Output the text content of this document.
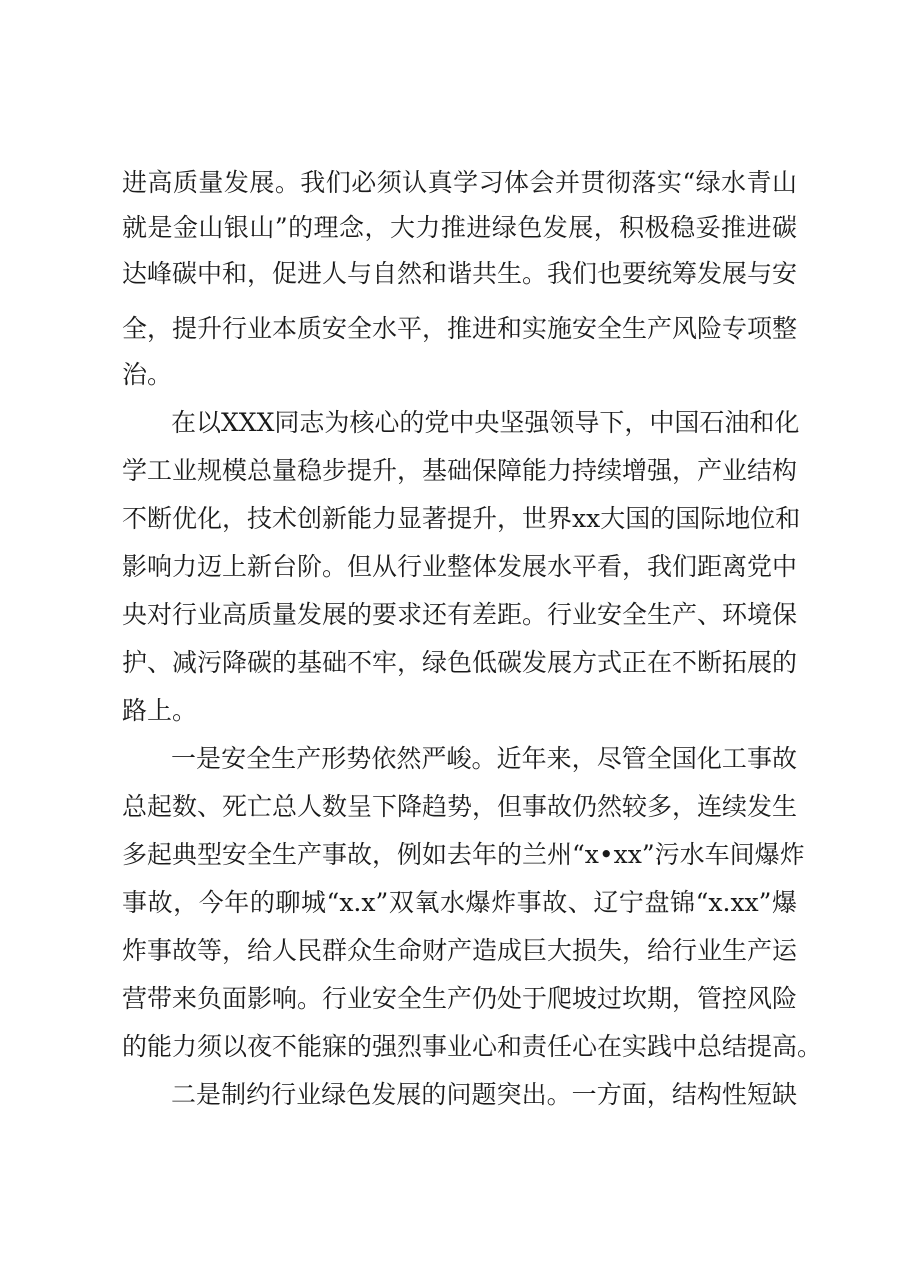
进高质量发展。我们必须认真学习体会并贯彻落实“绿水青山
就是金山银山”的理念，大力推进绿色发展，积极稳妥推进碳
达峰碳中和，促进人与自然和谐共生。我们也要统筹发展与安
全，提升行业本质安全水平，推进和实施安全生产风险专项整
治。
在以XXX同志为核心的党中央坚强领导下，中国石油和化
学工业规模总量稳步提升，基础保障能力持续增强，产业结构
不断优化，技术创新能力显著提升，世界xx大国的国际地位和
影响力迈上新台阶。但从行业整体发展水平看，我们距离党中
央对行业高质量发展的要求还有差距。行业安全生产、环境保
护、减污降碳的基础不牢，绿色低碳发展方式正在不断拓展的
路上。
一是安全生产形势依然严峻。近年来，尽管全国化工事故
总起数、死亡总人数呈下降趋势，但事故仍然较多，连续发生
多起典型安全生产事故，例如去年的兰州“x•xx”污水车间爆炸
事故，今年的聊城“x.x”双氧水爆炸事故、辽宁盘锦“x.xx”爆
炸事故等，给人民群众生命财产造成巨大损失，给行业生产运
营带来负面影响。行业安全生产仍处于爬坡过坎期，管控风险
的能力须以夜不能寐的强烈事业心和责任心在实践中总结提高。
二是制约行业绿色发展的问题突出。一方面，结构性短缺
